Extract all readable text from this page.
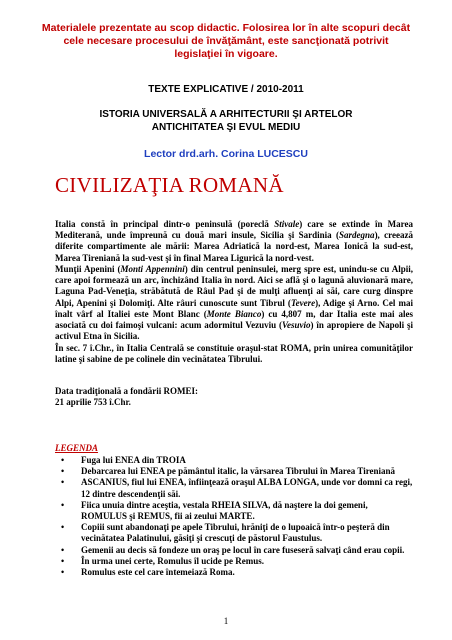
Materialele prezentate au scop didactic. Folosirea lor în alte scopuri decât cele necesare procesului de învăţământ, este sancţionată potrivit legislaţiei în vigoare.
TEXTE EXPLICATIVE / 2010-2011
ISTORIA UNIVERSALĂ A ARHITECTURII ŞI ARTELOR
ANTICHITATEA ŞI EVUL MEDIU
Lector drd.arh. Corina LUCESCU
CIVILIZAŢIA ROMANĂ

Italia constă în principal dintr-o peninsulă (poreclă Stivale) care se extinde în Marea Mediterană, unde împreună cu două mari insule, Sicilia şi Sardinia (Sardegna), creează diferite compartimente ale mării: Marea Adriatică la nord-est, Marea Ionică la sud-est, Marea Tireniană la sud-vest şi în final Marea Ligurică la nord-vest.

Munţii Apenini (Monti Appennini) din centrul peninsulei, merg spre est, unindu-se cu Alpii, care apoi formează un arc, închizând Italia în nord. Aici se află şi o lagună aluvionară mare, Laguna Pad-Veneţia, străbătută de Râul Pad şi de mulţi afluenţi ai săi, care curg dinspre Alpi, Apenini şi Dolomiţi. Alte râuri cunoscute sunt Tibrul (Tevere), Adige şi Arno. Cel mai înalt vârf al Italiei este Mont Blanc (Monte Bianco) cu 4,807 m, dar Italia este mai ales asociată cu doi faimoşi vulcani: acum adormitul Vezuviu (Vesuvio) în apropiere de Napoli şi activul Etna în Sicilia.

În sec. 7 î.Chr., în Italia Centrală se constituie oraşul-stat ROMA, prin unirea comunităţilor latine şi sabine de pe colinele din vecinătatea Tibrului.

Data tradiţională a fondării ROMEI:

21 aprilie 753 î.Chr.

LEGENDA
• Fuga lui ENEA din TROIA
• Debarcarea lui ENEA pe pământul italic, la vărsarea Tibrului în Marea Tireniană
• ASCANIUS, fiul lui ENEA, înfiinţează oraşul ALBA LONGA, unde vor domni ca regi, 12 dintre descendenţii săi.
• Fiica unuia dintre aceştia, vestala RHEIA SILVA, dă naştere la doi gemeni, ROMULUS şi REMUS, fii ai zeului MARTE.
• Copiii sunt abandonaţi pe apele Tibrului, hrăniţi de o lupoaică într-o peşteră din vecinătatea Palatinului, găsiţi şi crescuţi de păstorul Faustulus.
• Gemenii au decis să fondeze un oraş pe locul în care fuseseră salvaţi când erau copii.
• În urma unei certe, Romulus îl ucide pe Remus.
• Romulus este cel care întemeiază Roma.
1
